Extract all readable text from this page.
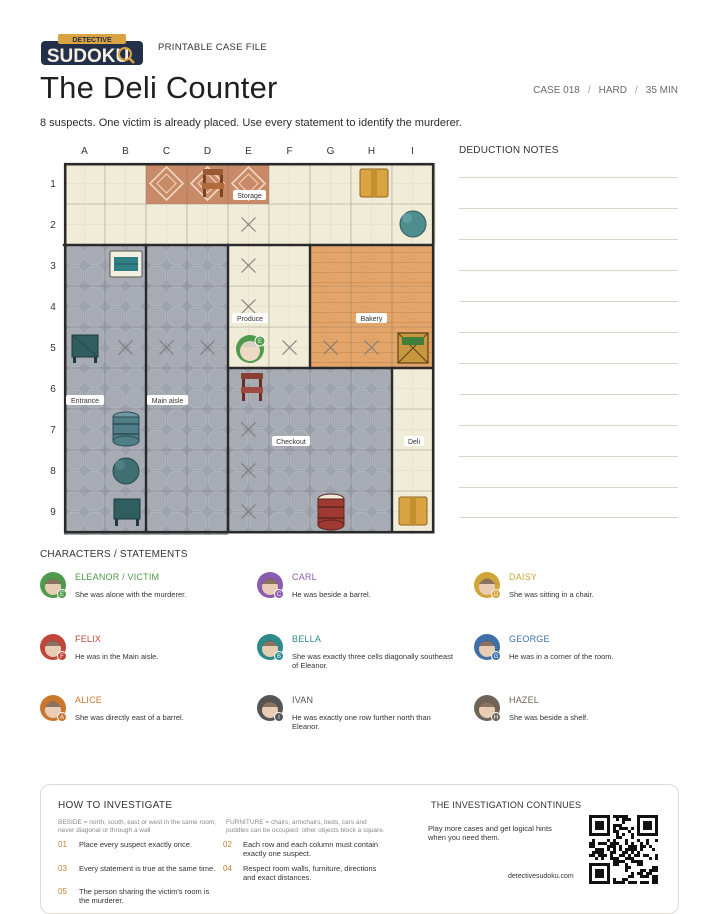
DETECTIVE
SUDOKU	PRINTABLE CASE FILE
The Deli Counter	CASE 018 / HARD / 35 MIN
8 suspects. One victim is already placed. Use every statement to identify the murderer.
A	B	C	D	E	F	G	H	I
1
2
3
4
5
6
7
8
9
E
Storage
Produce	Bakery
Entrance	Main aisle
Checkout	Deli
DEDUCTION NOTES
CHARACTERS / STATEMENTS
E
ELEANOR / VICTIM
She was alone with the murderer.	C
CARL
He was beside a barrel.	D
DAISY
She was sitting in a chair.
F
FELIX
He was in the Main aisle.	B
BELLA
She was exactly three cells diagonally southeast of Eleanor.
G
GEORGE
He was in a corner of the room.
A
ALICE
She was directly east of a barrel.	I
IVAN
He was exactly one row further north than Eleanor.
H
HAZEL
She was beside a shelf.
HOW TO INVESTIGATE
BESIDE = north, south, east or west in the same room; never diagonal or through a wall
FURNITURE = chairs, armchairs, beds, cars and puddles can be occupied; other objects block a square.
01 Place every suspect exactly once.	02 Each row and each column must contain exactly one suspect.
03 Every statement is true at the same time. 04 Respect room walls, furniture, directions and exact distances.
05 The person sharing the victim's room is the murderer.
THE INVESTIGATION CONTINUES
Play more cases and get logical hints when you need them.
detectivesudoku.com
